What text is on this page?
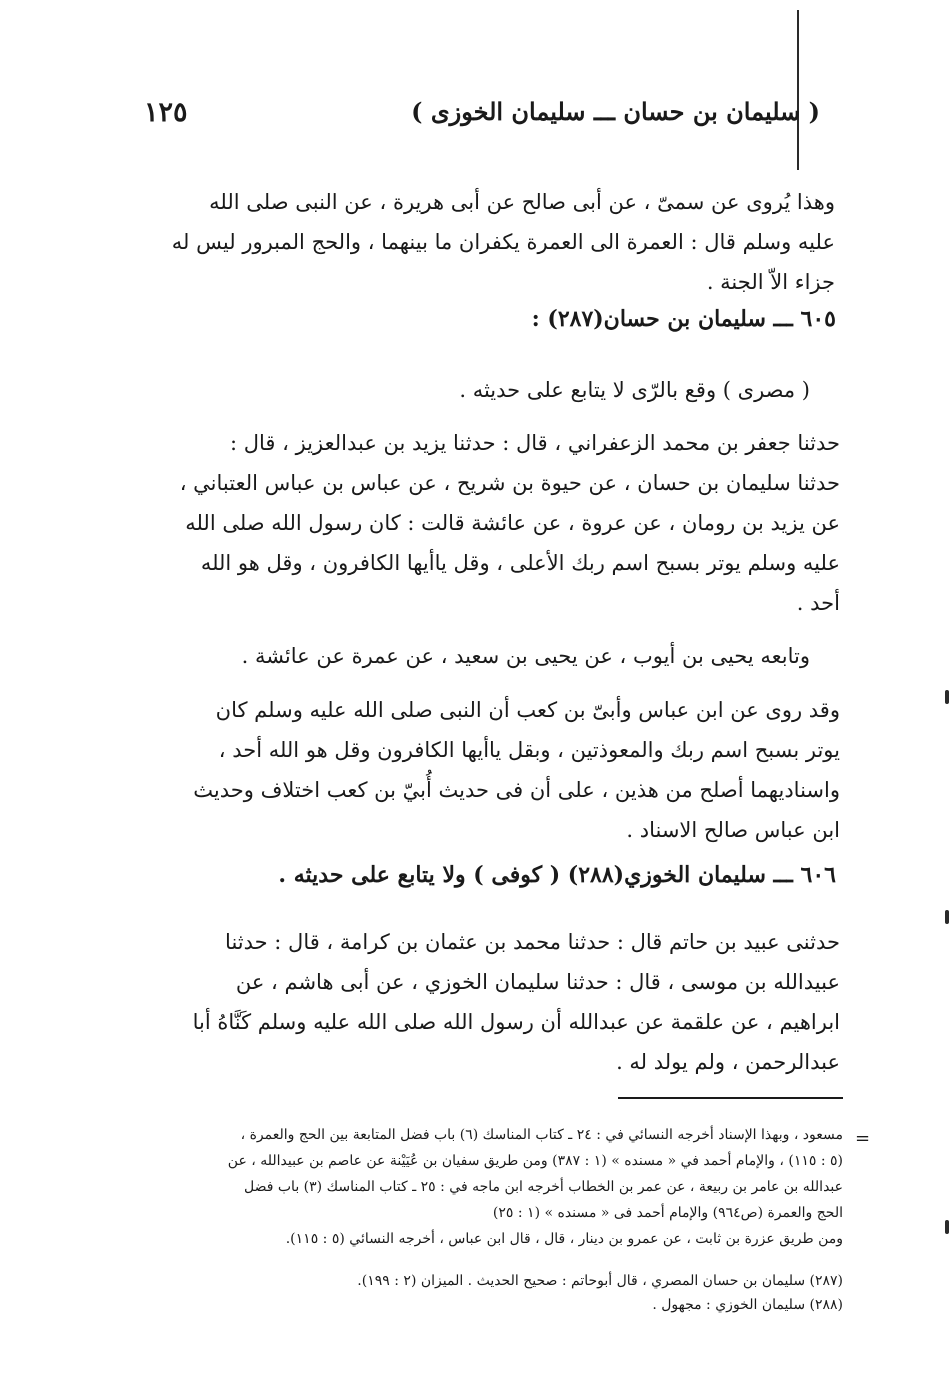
١٢٥	( سليمان بن حسان ـــ سليمان الخوزى )
وهذا يُروى عن سمىّ ، عن أبى صالح عن أبى هريرة ، عن النبى صلى الله
عليه وسلم قال : العمرة الى العمرة يكفران ما بينهما ، والحج المبرور ليس له
جزاء الاّ الجنة .
٦٠٥ ـــ سليمان بن حسان(٢٨٧) :
( مصرى ) وقع بالرّى لا يتابع على حديثه .
حدثنا جعفر بن محمد الزعفراني ، قال : حدثنا يزيد بن عبدالعزيز ، قال :
حدثنا سليمان بن حسان ، عن حيوة بن شريح ، عن عباس بن عباس العتباني ،
عن يزيد بن رومان ، عن عروة ، عن عائشة قالت : كان رسول الله صلى الله
عليه وسلم يوتر بسبح اسم ربك الأعلى ، وقل ياأيها الكافرون ، وقل هو الله
أحد .
وتابعه يحيى بن أيوب ، عن يحيى بن سعيد ، عن عمرة عن عائشة .
وقد روى عن ابن عباس وأبىّ بن كعب أن النبى صلى الله عليه وسلم كان
يوتر بسبح اسم ربك والمعوذتين ، وبقل ياأيها الكافرون وقل هو الله أحد ،
واسناديهما أصلح من هذين ، على أن فى حديث أُبيّ بن كعب اختلاف وحديث
ابن عباس صالح الاسناد .
٦٠٦ ـــ سليمان الخوزي(٢٨٨) ( كوفى ) ولا يتابع على حديثه .
حدثنى عبيد بن حاتم قال : حدثنا محمد بن عثمان بن كرامة ، قال : حدثنا
عبيدالله بن موسى ، قال : حدثنا سليمان الخوزي ، عن أبى هاشم ، عن
ابراهيم ، عن علقمة عن عبدالله أن رسول الله صلى الله عليه وسلم كَنَّاهُ أبا
عبدالرحمن ، ولم يولد له .
=
مسعود ، وبهذا الإسناد أخرجه النسائي في : ٢٤ ـ كتاب المناسك (٦) باب فضل المتابعة بين الحج والعمرة ،
(٥ : ١١٥) ، والإمام أحمد في « مسنده » (١ : ٣٨٧) ومن طريق سفيان بن عُيَيْنة عن عاصم بن عبيدالله ، عن
عبدالله بن عامر بن ربيعة ، عن عمر بن الخطاب أخرجه ابن ماجه في : ٢٥ ـ كتاب المناسك (٣) باب فضل
الحج والعمرة (ص٩٦٤) والإمام أحمد فى « مسنده » (١ : ٢٥)
ومن طريق عزرة بن ثابت ، عن عمرو بن دينار ، قال ، قال ابن عباس ، أخرجه النسائي (٥ : ١١٥).
(٢٨٧) سليمان بن حسان المصري ، قال أبوحاتم : صحيح الحديث . الميزان (٢ : ١٩٩).
(٢٨٨) سليمان الخوزي : مجهول .
